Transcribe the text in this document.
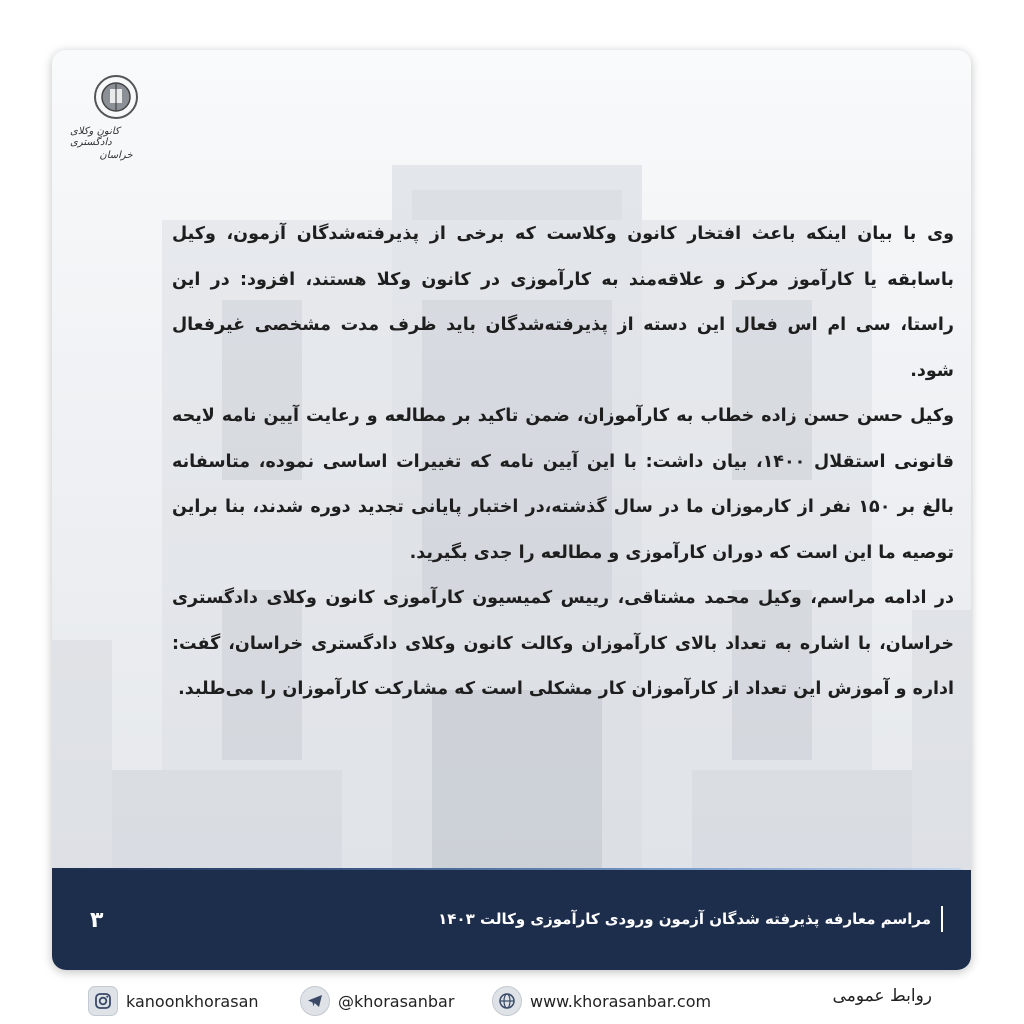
کانون وکلای دادگستری
خراسان

وی با بیان اینکه باعث افتخار کانون وکلاست که برخی از پذیرفته‌شدگان آزمون، وکیل باسابقه یا کارآموز مرکز و علاقه‌مند به کارآموزی در کانون وکلا هستند، افزود: در این راستا، سی ام اس فعال این دسته از پذیرفته‌شدگان باید ظرف مدت مشخصی غیرفعال شود.

وکیل حسن حسن زاده خطاب به کارآموزان، ضمن تاکید بر مطالعه و رعایت آیین نامه لایحه قانونی استقلال ۱۴۰۰، بیان داشت: با این آیین نامه که تغییرات اساسی نموده، متاسفانه بالغ بر ۱۵۰ نفر از کارموزان ما در سال گذشته،در اختبار پایانی تجدید دوره شدند، بنا براین توصیه ما این است که دوران کارآموزی و مطالعه را جدی بگیرید.

در ادامه مراسم، وکیل محمد مشتاقی، رییس کمیسیون کارآموزی کانون وکلای دادگستری خراسان، با اشاره به تعداد بالای کارآموزان وکالت کانون وکلای دادگستری خراسان، گفت: اداره و آموزش این تعداد از کارآموزان کار مشکلی است که مشارکت کارآموزان را می‌طلبد.

مراسم معارفه پذیرفته شدگان آزمون ورودی کارآموزی وکالت ۱۴۰۳
۳
kanoonkhorasan	@khorasanbar	www.khorasanbar.com	روابط عمومی
